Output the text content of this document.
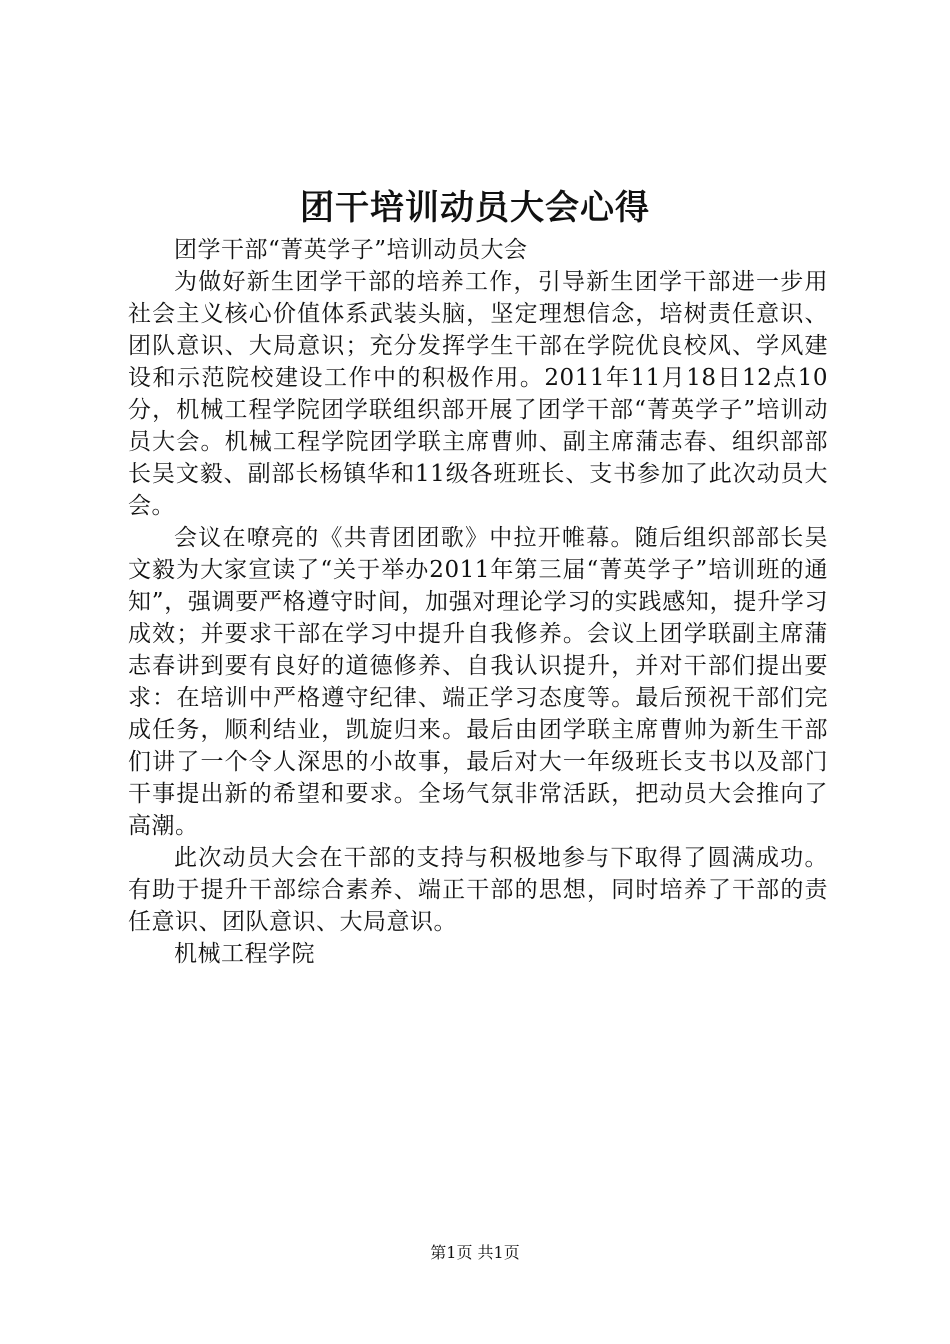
团干培训动员大会心得

团学干部“菁英学子”培训动员大会

为做好新生团学干部的培养工作，引导新生团学干部进一步用社会主义核心价值体系武装头脑，坚定理想信念，培树责任意识、团队意识、大局意识；充分发挥学生干部在学院优良校风、学风建设和示范院校建设工作中的积极作用。2011年11月18日12点10分，机械工程学院团学联组织部开展了团学干部“菁英学子”培训动员大会。机械工程学院团学联主席曹帅、副主席蒲志春、组织部部长吴文毅、副部长杨镇华和11级各班班长、支书参加了此次动员大会。

会议在嘹亮的《共青团团歌》中拉开帷幕。随后组织部部长吴文毅为大家宣读了“关于举办2011年第三届“菁英学子”培训班的通知”，强调要严格遵守时间，加强对理论学习的实践感知，提升学习成效；并要求干部在学习中提升自我修养。会议上团学联副主席蒲志春讲到要有良好的道德修养、自我认识提升，并对干部们提出要求：在培训中严格遵守纪律、端正学习态度等。最后预祝干部们完成任务，顺利结业，凯旋归来。最后由团学联主席曹帅为新生干部们讲了一个令人深思的小故事，最后对大一年级班长支书以及部门干事提出新的希望和要求。全场气氛非常活跃，把动员大会推向了高潮。

此次动员大会在干部的支持与积极地参与下取得了圆满成功。有助于提升干部综合素养、端正干部的思想，同时培养了干部的责任意识、团队意识、大局意识。

机械工程学院

第1页 共1页
